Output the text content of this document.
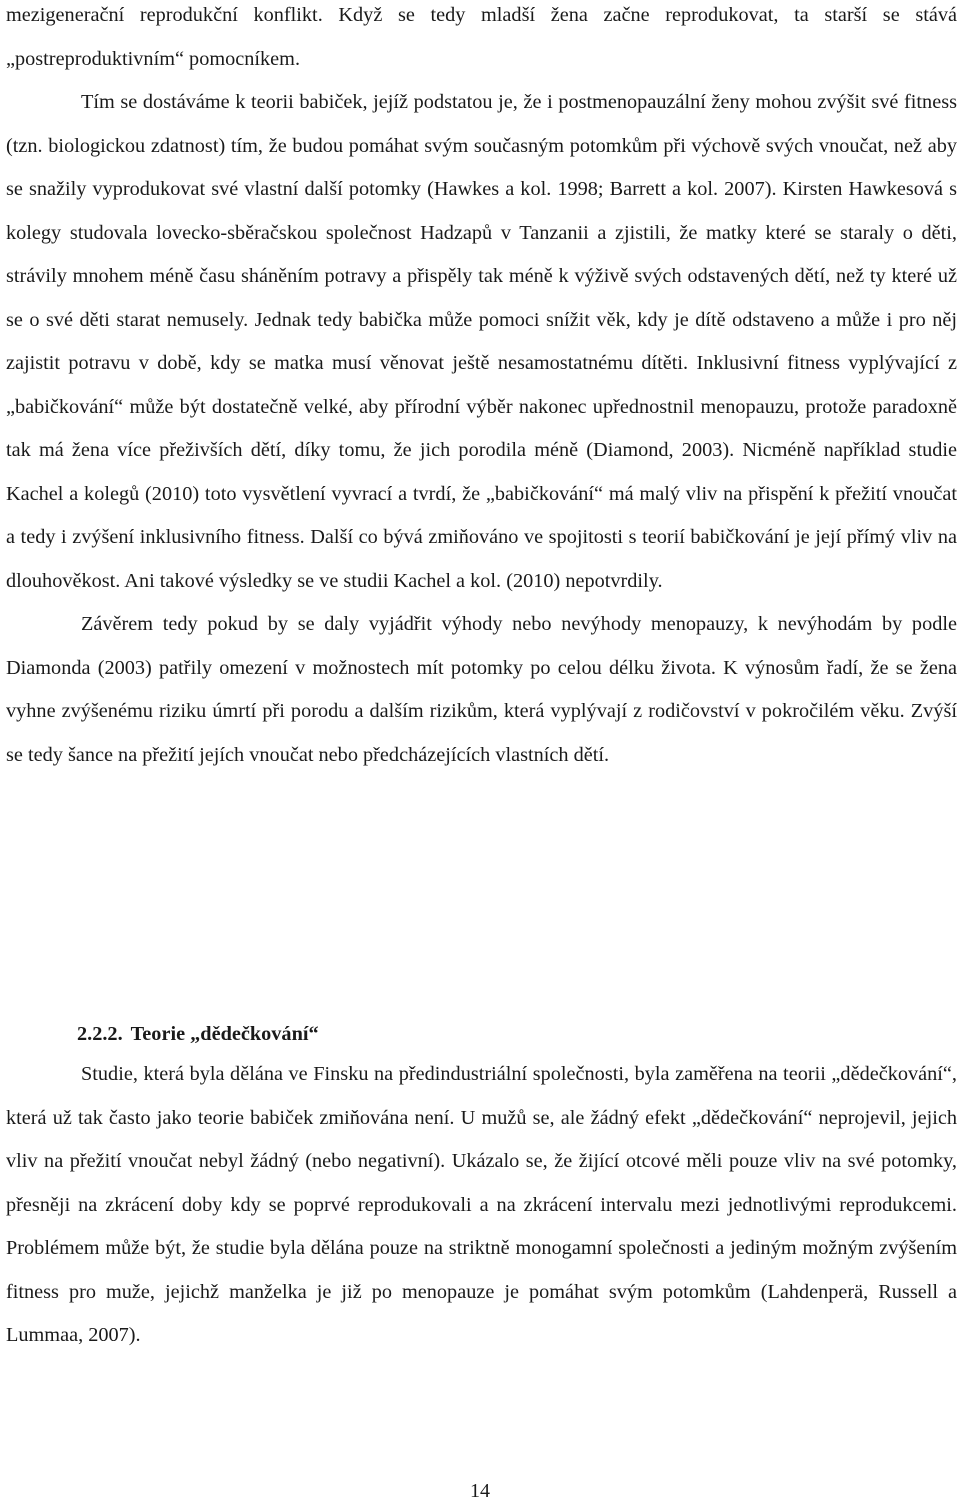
mezigenerační reprodukční konflikt. Když se tedy mladší žena začne reprodukovat, ta starší se stává „postreproduktivním“ pomocníkem.

Tím se dostáváme k teorii babiček, jejíž podstatou je, že i postmenopauzální ženy mohou zvýšit své fitness (tzn. biologickou zdatnost) tím, že budou pomáhat svým současným potomkům při výchově svých vnoučat, než aby se snažily vyprodukovat své vlastní další potomky (Hawkes a kol. 1998; Barrett a kol. 2007). Kirsten Hawkesová s kolegy studovala lovecko-sběračskou společnost Hadzapů v Tanzanii a zjistili, že matky které se staraly o děti, strávily mnohem méně času sháněním potravy a přispěly tak méně k výživě svých odstavených dětí, než ty které už se o své děti starat nemusely. Jednak tedy babička může pomoci snížit věk, kdy je dítě odstaveno a může i pro něj zajistit potravu v době, kdy se matka musí věnovat ještě nesamostatnému dítěti. Inklusivní fitness vyplývající z „babičkování“ může být dostatečně velké, aby přírodní výběr nakonec upřednostnil menopauzu, protože paradoxně tak má žena více přeživších dětí, díky tomu, že jich porodila méně (Diamond, 2003). Nicméně například studie Kachel a kolegů (2010) toto vysvětlení vyvrací a tvrdí, že „babičkování“ má malý vliv na přispění k přežití vnoučat a tedy i zvýšení inklusivního fitness. Další co bývá zmiňováno ve spojitosti s teorií babičkování je její přímý vliv na dlouhověkost. Ani takové výsledky se ve studii Kachel a kol. (2010) nepotvrdily.

Závěrem tedy pokud by se daly vyjádřit výhody nebo nevýhody menopauzy, k nevýhodám by podle Diamonda (2003) patřily omezení v možnostech mít potomky po celou délku života. K výnosům řadí, že se žena vyhne zvýšenému riziku úmrtí při porodu a dalším rizikům, která vyplývají z rodičovství v pokročilém věku. Zvýší se tedy šance na přežití jejích vnoučat nebo předcházejících vlastních dětí.

2.2.2. Teorie „dědečkování“

Studie, která byla dělána ve Finsku na předindustriální společnosti, byla zaměřena na teorii „dědečkování“, která už tak často jako teorie babiček zmiňována není. U mužů se, ale žádný efekt „dědečkování“ neprojevil, jejich vliv na přežití vnoučat nebyl žádný (nebo negativní). Ukázalo se, že žijící otcové měli pouze vliv na své potomky, přesněji na zkrácení doby kdy se poprvé reprodukovali a na zkrácení intervalu mezi jednotlivými reprodukcemi. Problémem může být, že studie byla dělána pouze na striktně monogamní společnosti a jediným možným zvýšením fitness pro muže, jejichž manželka je již po menopauze je pomáhat svým potomkům (Lahdenperä, Russell a Lummaa, 2007).

14
